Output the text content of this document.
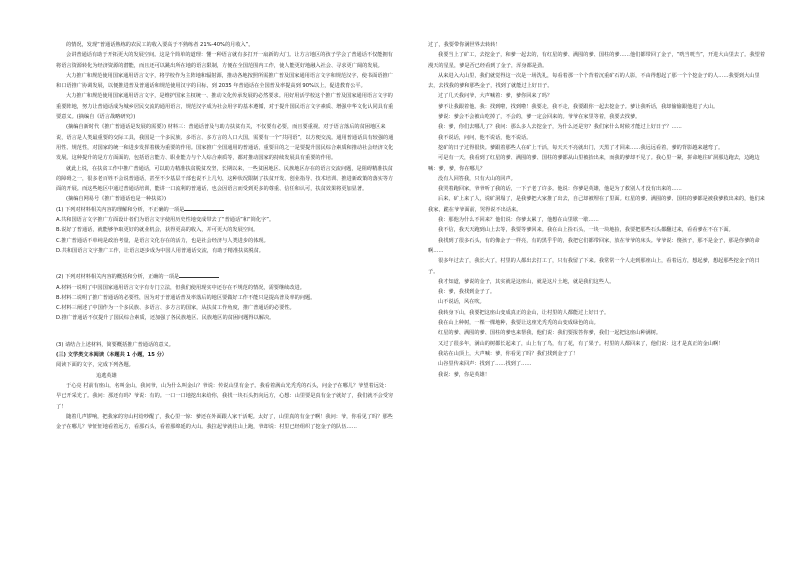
的情况，发现“普通话熟练的农民工的收入要高于不熟练者 21%-40%的月收入”。

会讲普通话有助于开拓更大的发展空间。这是个简单的道理：懂一种语言就有多打开一扇新的大门。让方言地区的孩子学会了普通话不仅能拥有将语言资源转化为经济资源的潜能，而且还可以跳出所在地的语言限制，方便在全国范围内工作，使人能更好地融入社会、寻求更广阔的发展。

大力推广和规范使用国家通用语言文字，将学校作为主阵地和辐射源，推动各地按照所需推广普及国家通用语言文字和规范汉字，使书面语推广和口语推广协调发展，以便推进普及普通话和规范使用汉字的目标，到 2035 年普通话在全国普及率提高到 90%以上，促进教育公平。

大力推广和规范使用国家通用语言文字，是维护国家主权统一、推动文化传承发展的必然要求。用好用活学校这个推广普及国家通用语言文字的重要阵地，努力让普通话成为城乡居民交流的通用语言，规范汉字成为社会用字的基本遵循，对于提升国民语言文字素质、增强中华文化认同具有重要意义。(摘编自《语言战略研究》)

(摘编自新时代《推广普通话是发展的需要》) 材料三：普通话普及与助力扶贫有关，不仅要有必要，而且要重视。对于语言落后的贫困地区来说，语言是人类最重要的交际工具，我国是一个多民族、多语言、多方言的人口大国，需要有一个“共同语”，以方便交流。通用普通话具有较强的通用性、规范性，对国家的统一和进步发挥着极为重要的作用。国家推广全国通用的普通话，重要目的之一是要提升国民综合素质和推动社会经济文化发展。这种提升的是方方面面的，包括语言能力、职业能力与个人综合素质等，都对推动国家的持续发展具有重要的作用。

就此上说，在扶贫工作中推广普通话，可以助力精准扶贫脱贫攻坚，长期以来，一些贫困地区、民族地区存在的语言交流问题，是阻碍精准扶贫的障碍之一，很多老百姓不会说普通话，甚至不少基层干部也说不上几句，这种状况限制了扶贫开发、创业指导、技术培训、推进新政策的落实等方面的开展。而这些地区中通过普通话培训，能讲一口流利的普通话，也会因语言而受到更多的尊重、信任和认可，扶贫效果将更加显著。

(摘编自网易号《推广普通话也是一种扶贫》)

(1) 下列对材料相关内容的理解和分析，不正确的一项是

A.共和国语言文字推广方面设计者们为语言文字使用历史性地变成带去了“普通话”和“简化字”。

B.说好了普通话，就能够争取更好的就业机会，获得更高的收入，并可更大的发展空间。

C.推广普通话不单纯是政治考量，是语言文化存在的活力，也是社会经济与人类进步的体现。

D.共和国语言文字推广工作，让语言逐步成为中国人用普通话交流，有助于精准扶贫脱贫。

(2) 下列对材料相关内容的概括和分析，正确的一项是

A.材料一说明了中国国家通用语言文字有专门立法，但我们使用现实中还存在不规范的情况，需要继续改进。

B.材料二说明了推广普通话的必要性，因为对于普通话普及率落后的地区要做好工作不能只是提高普及率的问题。

C.材料三阐述了中国作为一个多民族、多语言、多方言的国家，从扶贫工作角度，推广普通话的必要性。

D.推广普通话不仅提升了国民综合素质，还加强了各民族地区、民族地区的贫困问题得以解决。

(3) 请结合上述材料，简要概括推广普通话的意义。

(三) 文学类文本阅读（本题共 1 小题，15 分）

阅读下面的文字，完成下列各题。

追逃英雄

于心亮 村前有座山，名叫金山，我问爷，山为什么叫金山？爷说：传说山里有金子。我看着满山光秃秃的石头，问金子在哪儿？爷望着远处：早已开采光了。我问：那还有吗？爷说：有的。一口一口地挖出来给你，我找一块石头扔向远方，心想：山里要是真有金子就好了，我们就不会受穷了！

随着几声锣响，把我家的穷山村给吵醒了，我心里一惊：爹还在外面跟人家干活呢。太好了，山里真的有金子啊！我问：爷，你看见了吗？那些金子在哪儿？爷怔怔地看着远方，看那石头，看着那绵延的大山。我拉起爷就往山上跑，爷却说：村里已经组织了挖金子的队伍……

过了，我要带你满世界去转转！

我要当上了矿工，去挖金子，和爹一起去的，有红星的爹、满囤的爹、国柱的爹……他们都带回了金子，“咣当咣当”，开进大山里去了。我望着漫天的星星，爹是否已经看到了金子，浑身都是劲。

从来进入大山里，我们就觉得这一次是一场洗礼，每看着那一个个背着沉重矿石的人影，不由得想起了那一个个挖金子的人……我要到大山里去，去找我的爹和那些金子，找到了就能过上好日子。

过了几天我问爷，大声喊着：爹，爹你回来了吗？

爹不让我跟着他。我：找到啦，找到啦！我要走，我不走，我要跟你一起去挖金子。爹让我听话，我却偷偷跟他进了大山。

爹说：爹会不会被山吃掉了，不会的，爹一定会回来的。爷爷在家里等着，我要去找爹。

我：爹，你们去哪儿了？我问：那么多人去挖金子，为什么还是穷？我们家什么时候才能过上好日子？……

我不说话，问问，他不说话，他不说话。

挖矿的日子过得很快。爹跟着那些人在矿上干活，每天天不亮就出门，天黑了才回来……我远远看着，爹的背影越来越弯了。

可是有一天，我看到了红星的爹、满囤的爹、国柱的爹都从山里被抬出来，而我的爹却不见了。我心里一紧，拼命地往矿洞那边跑去，边跑边喊：爹，爹，你在哪儿？

没有人回答我，只有大山的回声。

我哭着跑回家，爷爷听了我的话，一下子老了许多。他说：你爹是英雄，他是为了救别人才没有出来的……

后来，矿上来了人，说矿洞塌了，是我爹把大家推了出去，自己却被埋在了里面。红星的爹、满囤的爹、国柱的爹都是被我爹救出来的，他们来我家，跪在爷爷面前，哭得说不出话来。

我：那他为什么不回来？他们说：你爹太累了，他想在山里歇一歇……

我不信，我天天跑到山上去等，我要等爹回来。我在山上捡石头，一块一块地捡，我要把那些石头都翻过来，看看爹在不在下面。

我找到了很多石头，有的像金子一样亮，有的黑乎乎的，我把它们都带回家，放在爷爷的床头。爷爷说：傻孩子，那不是金子，那是你爹的命啊……

很多年过去了，我长大了，村里的人都出去打工了，只有我留了下来。我常常一个人走到那座山上，看着远方，想起爹，想起那些挖金子的日子。

我才知道，爹说的金子，其实就是这座山，就是这片土地，就是我们这些人。

我：爹，我找到金子了。

山不说话，风在吹。

我转身下山，我要把这座山变成真正的金山，让村里的人都能过上好日子。

我在山上种树，一棵一棵地种，我要让这座光秃秃的山变成绿色的山。

红星的爹、满囤的爹、国柱的爹也来帮我，他们说：我们要报答你爹，我们一起把这座山种满树。

又过了很多年，满山的树都长起来了，山上有了鸟，有了花，有了果子。村里的人都回来了，他们说：这才是真正的金山啊！

我站在山顶上，大声喊：爹，你看见了吗？我们找到金子了！

山谷里传来回声：找到了……找到了……

我说：爹，你是英雄！
